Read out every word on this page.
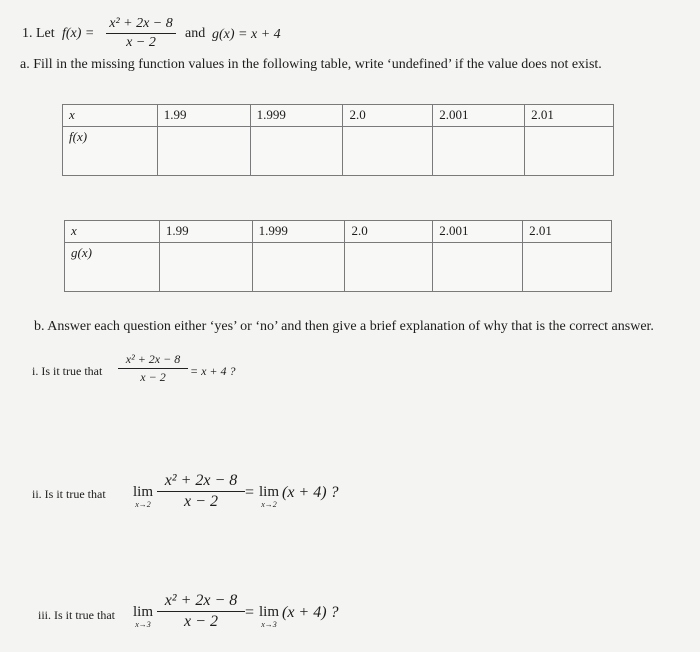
1. Let f(x) =
x² + 2x − 8
x − 2
and g(x) = x + 4
a. Fill in the missing function values in the following table, write ‘undefined’ if the value does not exist.
x	1.99	1.999	2.0	2.001	2.01
f(x)					
x	1.99	1.999	2.0	2.001	2.01
g(x)					
b. Answer each question either ‘yes’ or ‘no’ and then give a brief explanation of why that is the correct answer.
i. Is it true that
x² + 2x − 8
x − 2	= x + 4 ?
ii. Is it true that lim
x→2
x² + 2x − 8
x − 2
= lim
x→2
(x + 4) ?
iii. Is it true that lim
x→3
x² + 2x − 8
x − 2
= lim
x→3
(x + 4) ?
